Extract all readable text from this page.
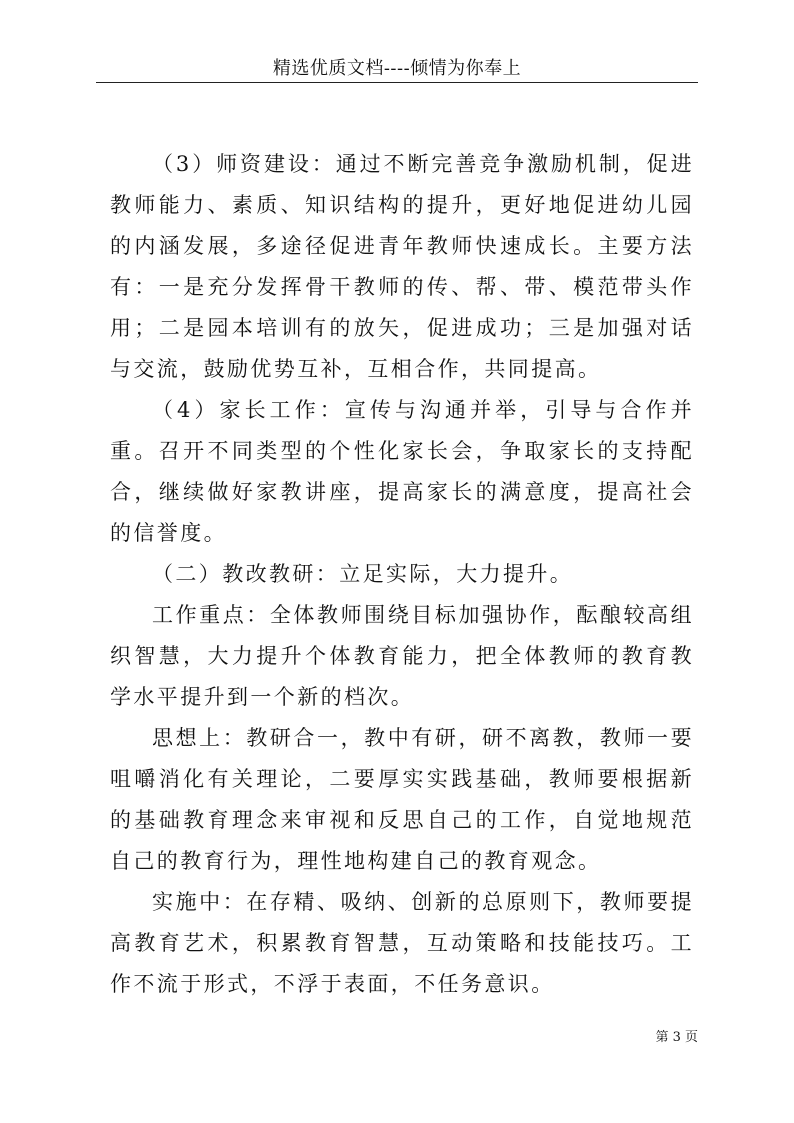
精选优质文档----倾情为你奉上

（3）师资建设：通过不断完善竞争激励机制，促进教师能力、素质、知识结构的提升，更好地促进幼儿园的内涵发展，多途径促进青年教师快速成长。主要方法有：一是充分发挥骨干教师的传、帮、带、模范带头作用；二是园本培训有的放矢，促进成功；三是加强对话与交流，鼓励优势互补，互相合作，共同提高。

（4）家长工作：宣传与沟通并举，引导与合作并重。召开不同类型的个性化家长会，争取家长的支持配合，继续做好家教讲座，提高家长的满意度，提高社会的信誉度。

（二）教改教研：立足实际，大力提升。

工作重点：全体教师围绕目标加强协作，酝酿较高组织智慧，大力提升个体教育能力，把全体教师的教育教学水平提升到一个新的档次。

思想上：教研合一，教中有研，研不离教，教师一要咀嚼消化有关理论，二要厚实实践基础，教师要根据新的基础教育理念来审视和反思自己的工作，自觉地规范自己的教育行为，理性地构建自己的教育观念。

实施中：在存精、吸纳、创新的总原则下，教师要提高教育艺术，积累教育智慧，互动策略和技能技巧。工作不流于形式，不浮于表面，不任务意识。

第 3 页
